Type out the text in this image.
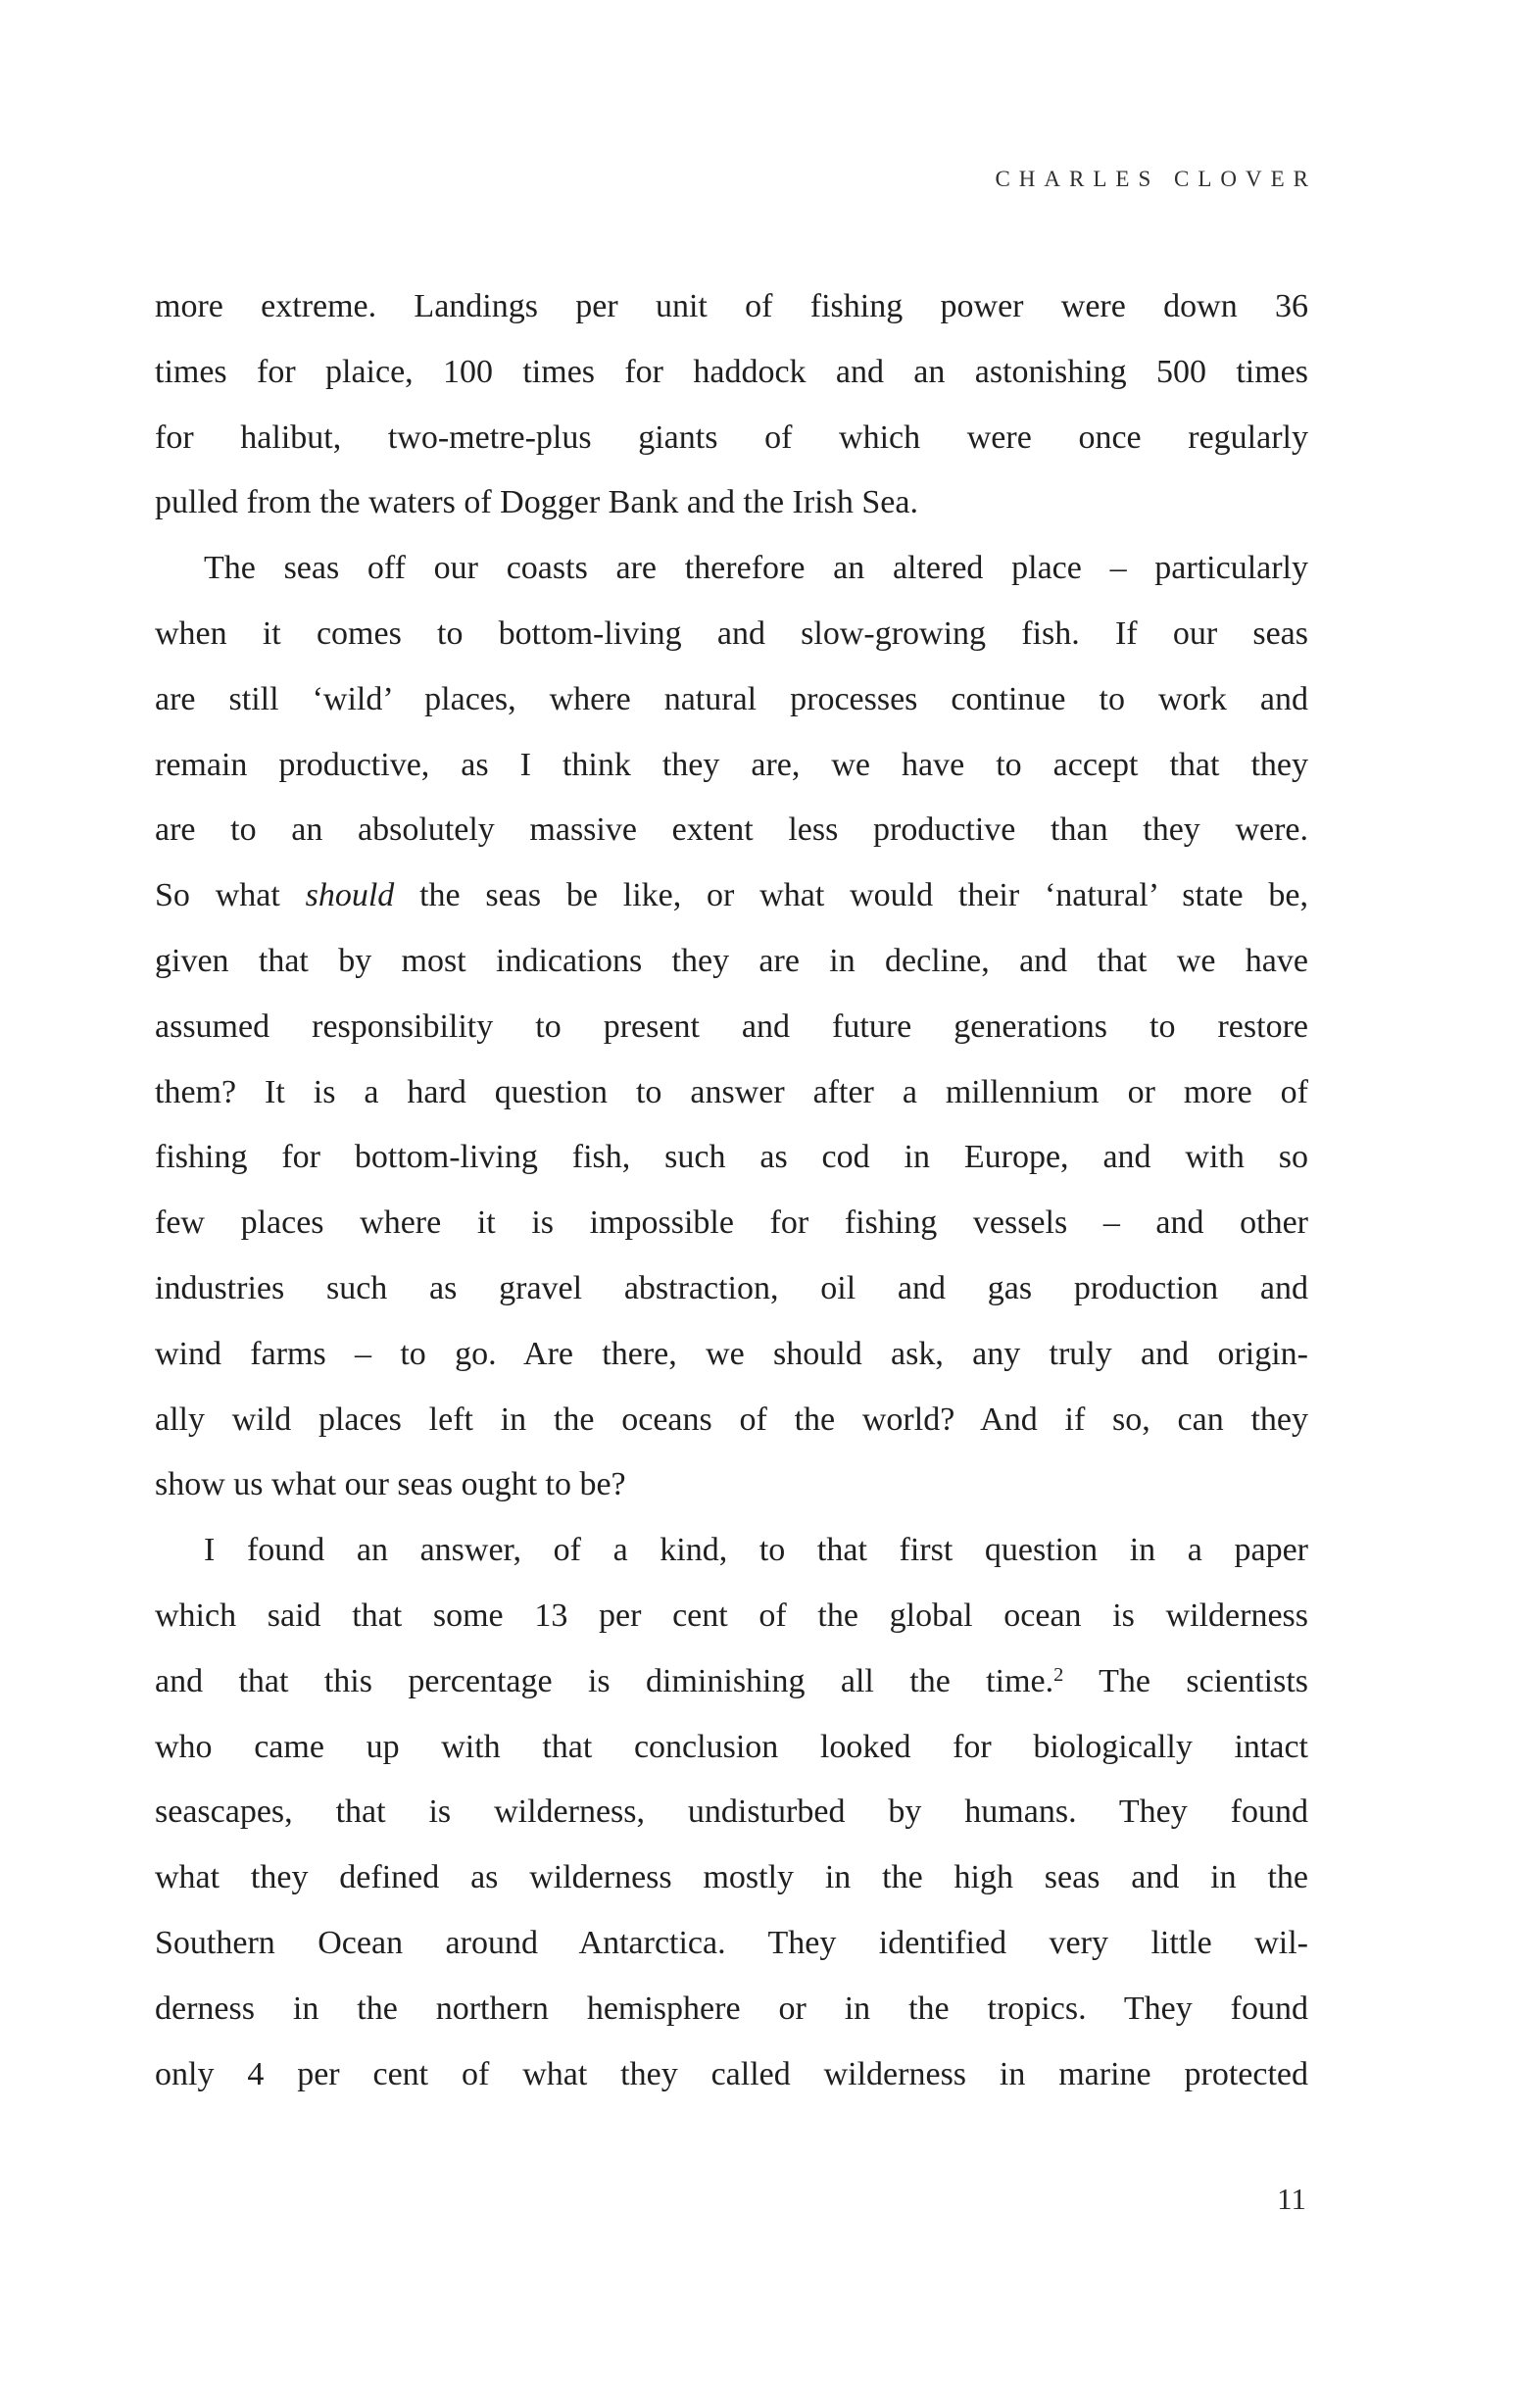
CHARLES CLOVER
more extreme. Landings per unit of fishing power were down 36
times for plaice, 100 times for haddock and an astonishing 500 times
for halibut, two-metre-plus giants of which were once regularly
pulled from the waters of Dogger Bank and the Irish Sea.
The seas off our coasts are therefore an altered place – particularly
when it comes to bottom-living and slow-growing fish. If our seas
are still ‘wild’ places, where natural processes continue to work and
remain productive, as I think they are, we have to accept that they
are to an absolutely massive extent less productive than they were.
So what should the seas be like, or what would their ‘natural’ state be,
given that by most indications they are in decline, and that we have
assumed responsibility to present and future generations to restore
them? It is a hard question to answer after a millennium or more of
fishing for bottom-living fish, such as cod in Europe, and with so
few places where it is impossible for fishing vessels – and other
industries such as gravel abstraction, oil and gas production and
wind farms – to go. Are there, we should ask, any truly and origin-
ally wild places left in the oceans of the world? And if so, can they
show us what our seas ought to be?
I found an answer, of a kind, to that first question in a paper
which said that some 13 per cent of the global ocean is wilderness
and that this percentage is diminishing all the time.$^2$ The scientists
who came up with that conclusion looked for biologically intact
seascapes, that is wilderness, undisturbed by humans. They found
what they defined as wilderness mostly in the high seas and in the
Southern Ocean around Antarctica. They identified very little wil-
derness in the northern hemisphere or in the tropics. They found
only 4 per cent of what they called wilderness in marine protected
11
